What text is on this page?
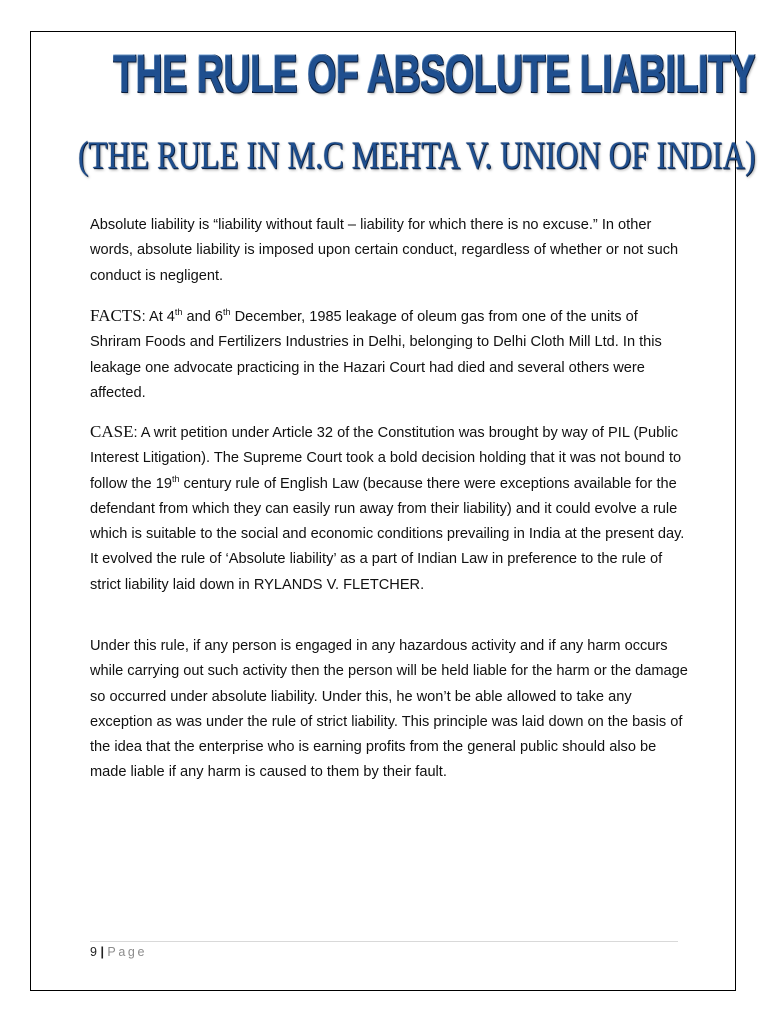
THE RULE OF ABSOLUTE LIABILITY
(THE RULE IN M.C MEHTA V. UNION OF INDIA)

Absolute liability is “liability without fault – liability for which there is no excuse.” In other words, absolute liability is imposed upon certain conduct, regardless of whether or not such conduct is negligent.

FACTS: At 4th and 6th December, 1985 leakage of oleum gas from one of the units of Shriram Foods and Fertilizers Industries in Delhi, belonging to Delhi Cloth Mill Ltd. In this leakage one advocate practicing in the Hazari Court had died and several others were affected.

CASE: A writ petition under Article 32 of the Constitution was brought by way of PIL (Public Interest Litigation). The Supreme Court took a bold decision holding that it was not bound to follow the 19th century rule of English Law (because there were exceptions available for the defendant from which they can easily run away from their liability) and it could evolve a rule which is suitable to the social and economic conditions prevailing in India at the present day. It evolved the rule of ‘Absolute liability’ as a part of Indian Law in preference to the rule of strict liability laid down in RYLANDS V. FLETCHER.

Under this rule, if any person is engaged in any hazardous activity and if any harm occurs while carrying out such activity then the person will be held liable for the harm or the damage so occurred under absolute liability. Under this, he won’t be able allowed to take any exception as was under the rule of strict liability. This principle was laid down on the basis of the idea that the enterprise who is earning profits from the general public should also be made liable if any harm is caused to them by their fault.

9 | Page
